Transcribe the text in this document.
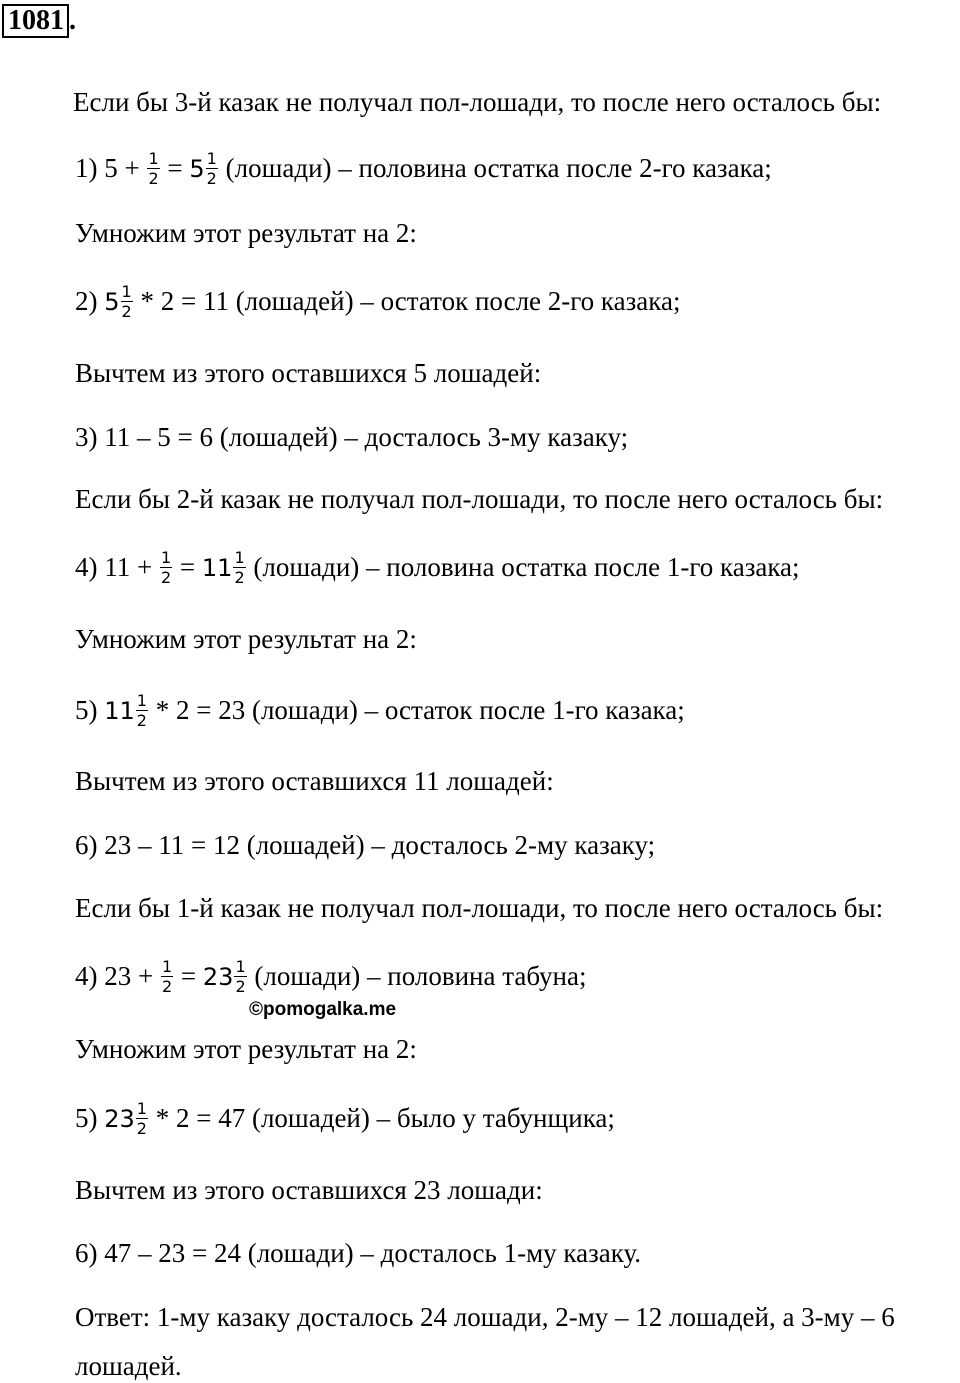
1081 .
Если бы 3-й казак не получал пол-лошади, то после него осталось бы:
1) $5 + \frac{1}{2} = 5 \frac{1}{2}$ (лошади) – половина остатка после 2-го казака;
Умножим этот результат на 2:
2) $5 \frac{1}{2} * 2 = 11$ (лошадей) – остаток после 2-го казака;
Вычтем из этого оставшихся 5 лошадей:
3) 11 – 5 = 6 (лошадей) – досталось 3-му казаку;
Если бы 2-й казак не получал пол-лошади, то после него осталось бы:
4) $11 + \frac{1}{2} = 11 \frac{1}{2}$ (лошади) – половина остатка после 1-го казака;
Умножим этот результат на 2:
5) $11 \frac{1}{2} * 2 = 23$ (лошади) – остаток после 1-го казака;
Вычтем из этого оставшихся 11 лошадей:
6) 23 – 11 = 12 (лошадей) – досталось 2-му казаку;
Если бы 1-й казак не получал пол-лошади, то после него осталось бы:
4) $23 + \frac{1}{2} = 23 \frac{1}{2}$ (лошади) – половина табуна;
©pomogalka.me
Умножим этот результат на 2:
5) $23 \frac{1}{2} * 2 = 47$ (лошадей) – было у табунщика;
Вычтем из этого оставшихся 23 лошади:
6) 47 – 23 = 24 (лошади) – досталось 1-му казаку.
Ответ: 1-му казаку досталось 24 лошади, 2-му – 12 лошадей, а 3-му – 6
лошадей.
